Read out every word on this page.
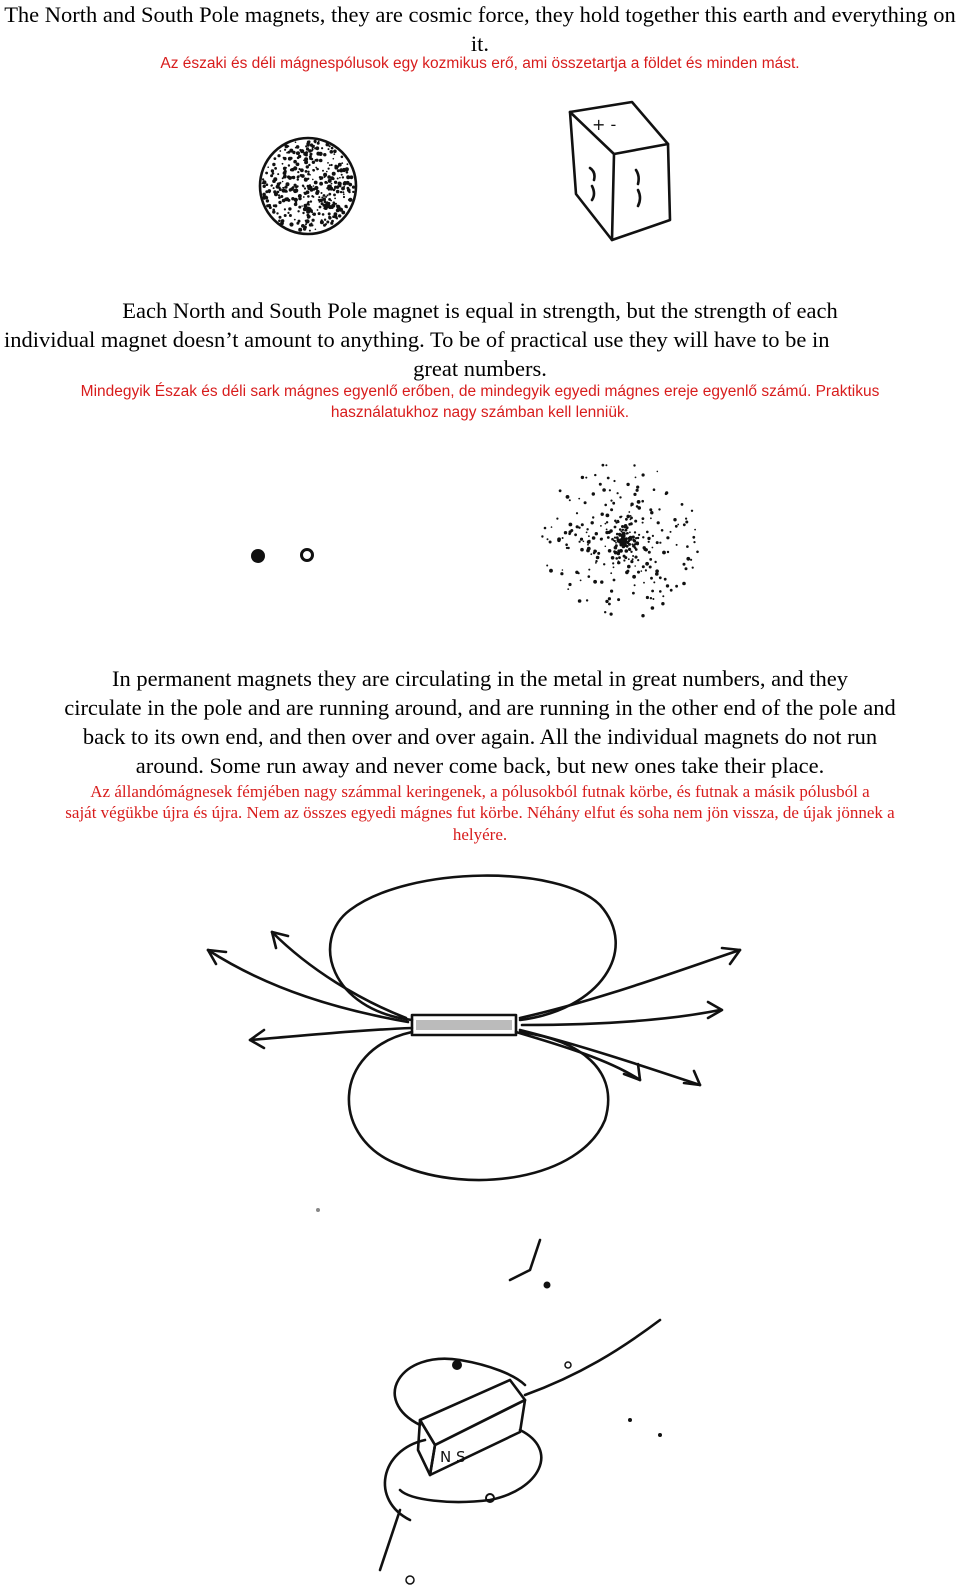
The North and South Pole magnets, they are cosmic force, they hold together this earth and everything on it.
Az északi és déli mágnespólusok egy kozmikus erő, ami összetartja a földet és minden mást.
+ -
Each North and South Pole magnet is equal in strength, but the strength of each
individual magnet doesn’t amount to anything. To be of practical use they will have to be in
great numbers.
Mindegyik Észak és déli sark mágnes egyenlő erőben, de mindegyik egyedi mágnes ereje egyenlő számú. Praktikus
használatukhoz nagy számban kell lenniük.
In permanent magnets they are circulating in the metal in great numbers, and they
circulate in the pole and are running around, and are running in the other end of the pole and
back to its own end, and then over and over again. All the individual magnets do not run
around. Some run away and never come back, but new ones take their place.
Az állandómágnesek fémjében nagy számmal keringenek, a pólusokból futnak körbe, és futnak a másik pólusból a
saját végükbe újra és újra. Nem az összes egyedi mágnes fut körbe. Néhány elfut és soha nem jön vissza, de újak jönnek a
helyére.
N S
